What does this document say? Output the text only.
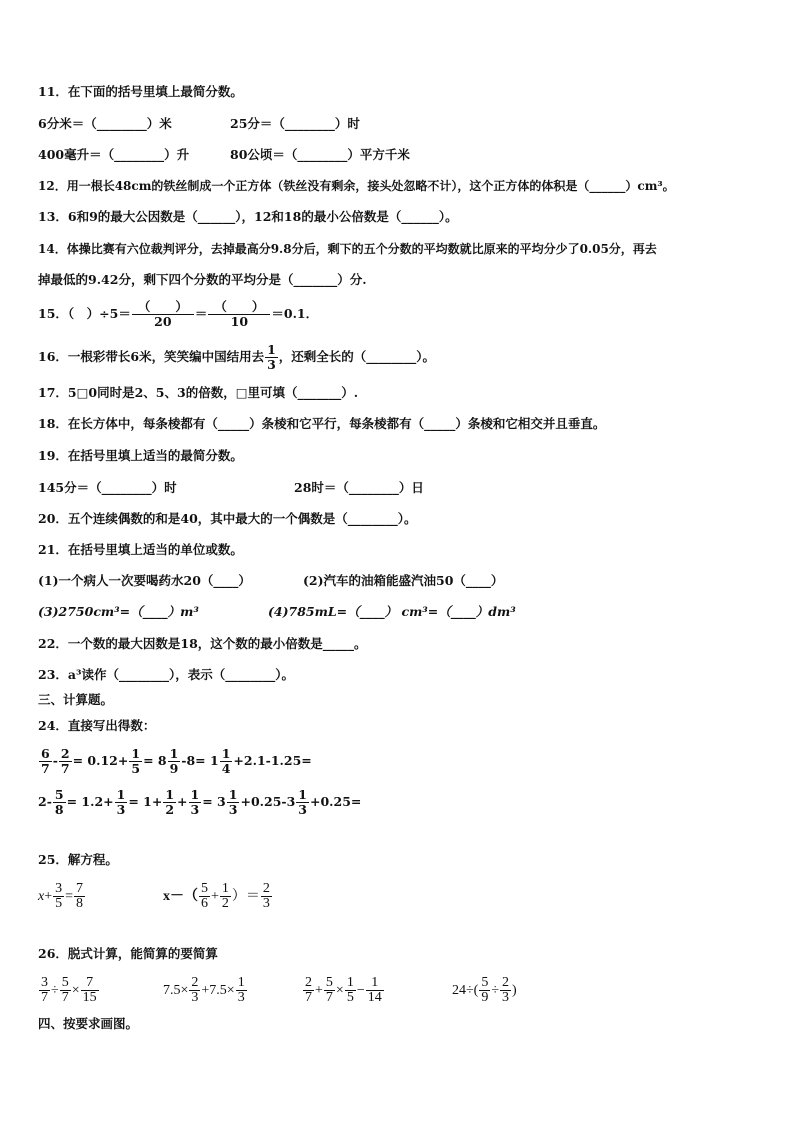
11．在下面的括号里填上最简分数。
6分米＝（________）米	25分＝（________）时
400毫升＝（________）升	80公顷＝（________）平方千米
12．用一根长48cm的铁丝制成一个正方体（铁丝没有剩余，接头处忽略不计），这个正方体的体积是（______）cm³。
13．6和9的最大公因数是（______），12和18的最小公倍数是（______）。
14．体操比赛有六位裁判评分，去掉最高分9.8分后，剩下的五个分数的平均数就比原来的平均分少了0.05分，再去
掉最低的9.42分，剩下四个分数的平均分是（_______）分.
15．（　）$\div 5= \frac{( )}{20} = \frac{( )}{10} =0.1$．
16．一根彩带长6米，笑笑编中国结用去 $\frac{1}{3}$ ，还剩全长的（________）。
17．5□0同时是2、5、3的倍数，□里可填（_______）.
18．在长方体中，每条棱都有（_____）条棱和它平行，每条棱都有（_____）条棱和它相交并且垂直。
19．在括号里填上适当的最简分数。
145分＝（________）时	28时＝（________）日
20．五个连续偶数的和是40，其中最大的一个偶数是（________）。
21．在括号里填上适当的单位或数。
(1)一个病人一次要喝药水20（____）	(2)汽车的油箱能盛汽油50（____）
(3)2750cm³=（____）m³	(4)785mL=（____） cm³=（____）dm³
22．一个数的最大因数是18，这个数的最小倍数是_____。
23．a³读作（________），表示（________）。
三、计算题。
24．直接写出得数：
$\frac{6}{7} - \frac{2}{7} = 0.12+ \frac{1}{5} = 8 \frac{1}{9} -8= 1 \frac{1}{4} +2.1-1.25=$
$2- \frac{5}{8} = 1.2+ \frac{1}{3} = 1+ \frac{1}{2} + \frac{1}{3} = 3 \frac{1}{3} +0.25-3 \frac{1}{3} +0.25=$
25．解方程。
$x+ \frac{3}{5} = \frac{7}{8}$	$x-( \frac{5}{6} + \frac{1}{2}$ ）＝ $\frac{2}{3}$
26．脱式计算，能简算的要简算
$\frac{3}{7} \div \frac{5}{7} \times \frac{7}{15}$	$7.5\times \frac{2}{3} +7.5\times \frac{1}{3}$	$\frac{2}{7} + \frac{5}{7} \times \frac{1}{5} - \frac{1}{14}$	$24\div( \frac{5}{9} \div \frac{2}{3}$ )
四、按要求画图。
